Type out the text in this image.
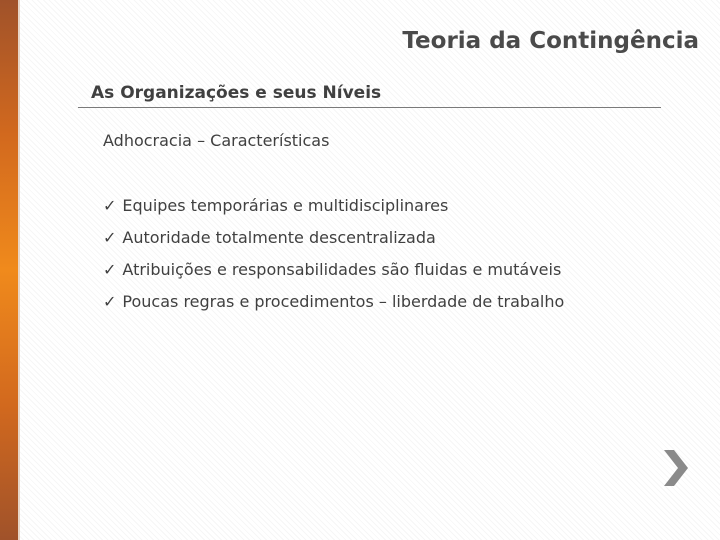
Teoria da Contingência
As Organizações e seus Níveis
Adhocracia – Características
✓ Equipes temporárias e multidisciplinares
✓ Autoridade totalmente descentralizada
✓ Atribuições e responsabilidades são fluidas e mutáveis
✓ Poucas regras e procedimentos – liberdade de trabalho
